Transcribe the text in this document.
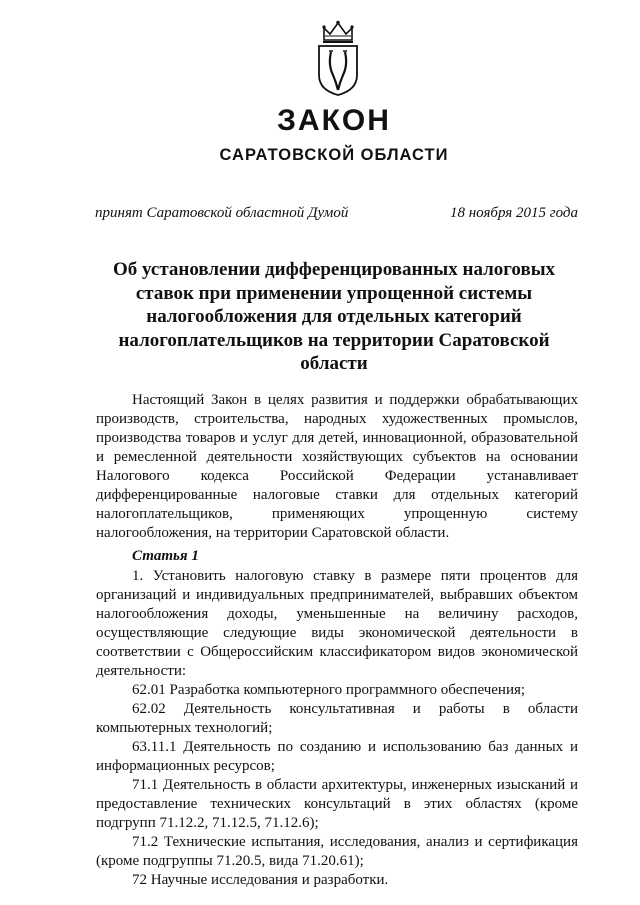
ЗАКОН
САРАТОВСКОЙ ОБЛАСТИ
принят Саратовской областной Думой	18 ноября 2015 года
Об установлении дифференцированных налоговых ставок при применении упрощенной системы налогообложения для отдельных категорий налогоплательщиков на территории Саратовской области

Настоящий Закон в целях развития и поддержки обрабатывающих производств, строительства, народных художественных промыслов, производства товаров и услуг для детей, инновационной, образовательной и ремесленной деятельности хозяйствующих субъектов на основании Налогового кодекса Российской Федерации устанавливает дифференцированные налоговые ставки для отдельных категорий налогоплательщиков, применяющих упрощенную систему налогообложения, на территории Саратовской области.

Статья 1

1. Установить налоговую ставку в размере пяти процентов для организаций и индивидуальных предпринимателей, выбравших объектом налогообложения доходы, уменьшенные на величину расходов, осуществляющие следующие виды экономической деятельности в соответствии с Общероссийским классификатором видов экономической деятельности:

62.01 Разработка компьютерного программного обеспечения;

62.02 Деятельность консультативная и работы в области компьютерных технологий;

63.11.1 Деятельность по созданию и использованию баз данных и информационных ресурсов;

71.1 Деятельность в области архитектуры, инженерных изысканий и предоставление технических консультаций в этих областях (кроме подгрупп 71.12.2, 71.12.5, 71.12.6);

71.2 Технические испытания, исследования, анализ и сертификация (кроме подгруппы 71.20.5, вида 71.20.61);

72 Научные исследования и разработки.
